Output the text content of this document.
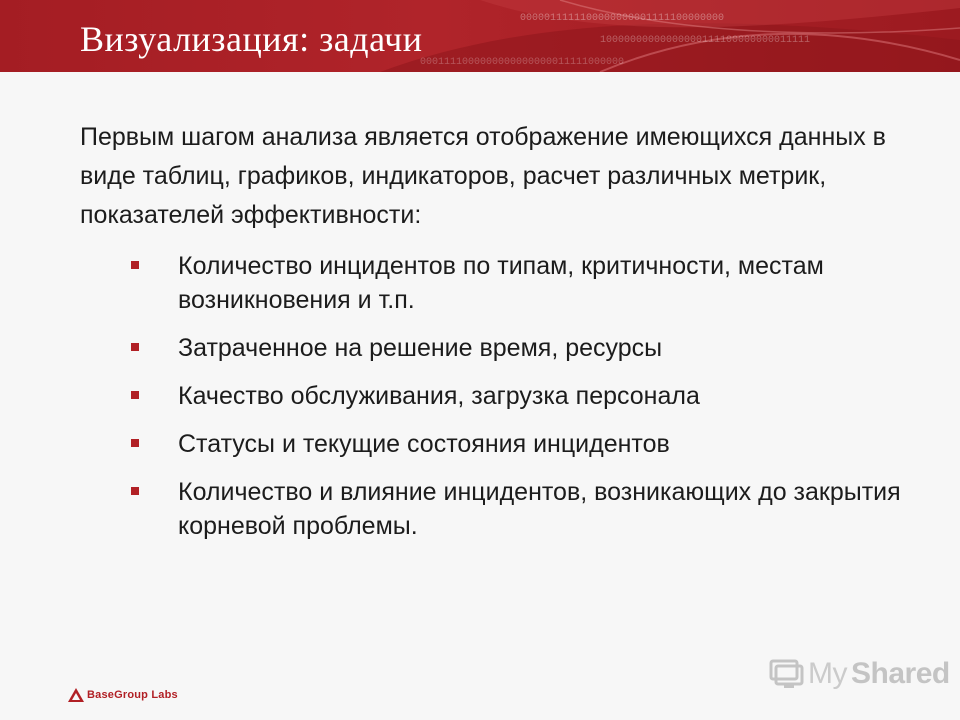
0000011111100000000001111100000000
10000000000000000111100000000011111
0001111000000000000000011111000000
Визуализация: задачи

Первым шагом анализа является отображение имеющихся данных в виде таблиц, графиков, индикаторов, расчет различных метрик, показателей эффективности:

Количество инцидентов по типам, критичности, местам возникновения и т.п.
Затраченное на решение время, ресурсы
Качество обслуживания, загрузка персонала
Статусы и текущие состояния инцидентов
Количество и влияние инцидентов, возникающих до закрытия корневой проблемы.
BaseGroup Labs
My Shared
